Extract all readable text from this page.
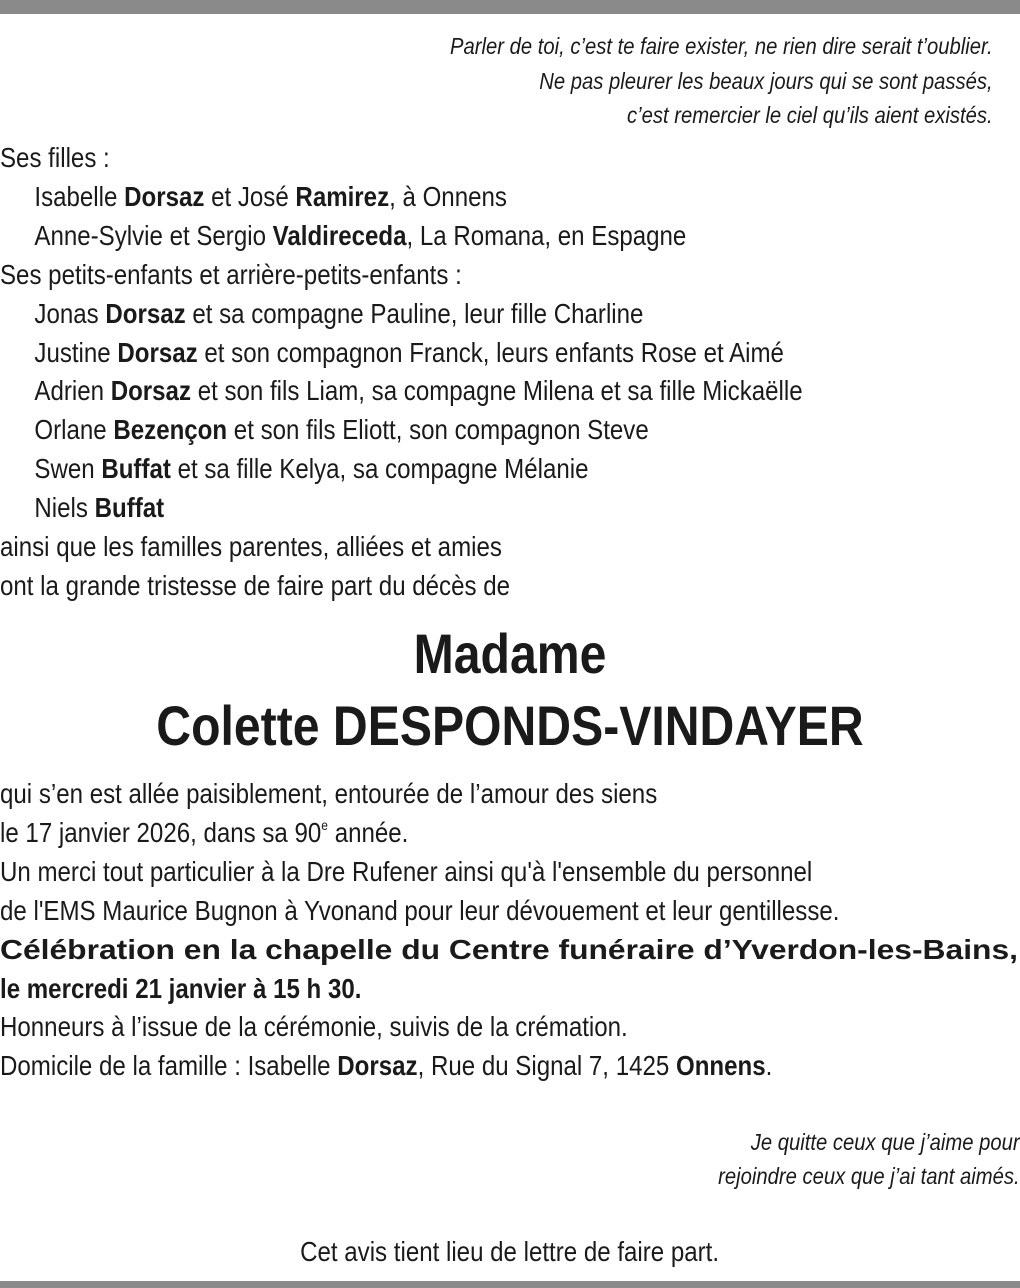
Parler de toi, c’est te faire exister, ne rien dire serait t’oublier.
Ne pas pleurer les beaux jours qui se sont passés,
c’est remercier le ciel qu’ils aient existés.
Ses filles :
Isabelle Dorsaz et José Ramirez, à Onnens
Anne-Sylvie et Sergio Valdireceda, La Romana, en Espagne
Ses petits-enfants et arrière-petits-enfants :
Jonas Dorsaz et sa compagne Pauline, leur fille Charline
Justine Dorsaz et son compagnon Franck, leurs enfants Rose et Aimé
Adrien Dorsaz et son fils Liam, sa compagne Milena et sa fille Mickaëlle
Orlane Bezençon et son fils Eliott, son compagnon Steve
Swen Buffat et sa fille Kelya, sa compagne Mélanie
Niels Buffat
ainsi que les familles parentes, alliées et amies
ont la grande tristesse de faire part du décès de
Madame
Colette DESPONDS-VINDAYER
qui s’en est allée paisiblement, entourée de l’amour des siens
le 17 janvier 2026, dans sa 90e année.
Un merci tout particulier à la Dre Rufener ainsi qu'à l'ensemble du personnel
de l'EMS Maurice Bugnon à Yvonand pour leur dévouement et leur gentillesse.
Célébration en la chapelle du Centre funéraire d’Yverdon-les-Bains,
le mercredi 21 janvier à 15 h 30.
Honneurs à l’issue de la cérémonie, suivis de la crémation.
Domicile de la famille : Isabelle Dorsaz, Rue du Signal 7, 1425 Onnens.
Je quitte ceux que j’aime pour
rejoindre ceux que j’ai tant aimés.
Cet avis tient lieu de lettre de faire part.
